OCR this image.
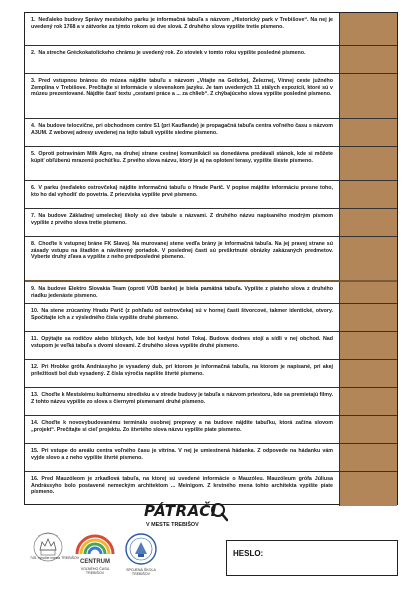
1. Neďaleko budovy Správy mestského parku je informačná tabuľa s názvom „Historický park v Trebišove“. Na nej je uvedený rok 1768 a v zátvorke za týmto rokom sú dve slová. Z druhého slova vypíšte tretie písmeno.
2. Na streche Gréckokatolíckeho chrámu je uvedený rok. Zo stoviek v tomto roku vypíšte posledné písmeno.
3. Pred vstupnou bránou do múzea nájdite tabuľu s názvom „Vitajte na Gotickej, Železnej, Vínnej ceste južného Zemplína v Trebišove. Prečítajte si informácie v slovenskom jazyku. Je tam uvedených 11 stálych expozícií, ktoré sú v múzeu prezentované. Nájdite časť textu „cestami práce a ... za chlieb“. Z chýbajúceho slova vypíšte posledné písmeno.
4. Na budove telocvične, pri obchodnom centre S1 (pri Kauflande) je propagačná tabuľa centra voľného času s názvom A3UM. Z webovej adresy uvedenej na tejto tabuli vypíšte siedme písmeno.
5. Oproti potravinám Milk Agro, na druhej strane cestnej komunikácii sa donedávna predávali stánok, kde si môžete kúpiť obľúbenú mrazenú pochúťku. Z prvého slova názvu, ktorý je aj na oplotení terasy, vypíšte šieste písmeno.
6. V parku (neďaleko ostrovčeka) nájdite informačnú tabuľu o Hrade Parič. V popise májdite informáciu presne toho, kto ho dal vyhodiť do povetria. Z priezviska vypíšte prvé písmeno.
7. Na budove Základnej umeleckej školy sú dve tabule s názvami. Z druhého názvu napísaného modrým písmom vypíšte z prvého slova tretie písmeno.
8. Choďte k vstupnej bráne FK Slavoj. Na murovanej stene vedľa brány je informačná tabuľa. Na jej pravej strane sú zásady vstupu na štadión a návštevný poriadok. V poslednej časti sú preškrtnuté obrázky zakázaných predmetov. Vyberte druhý zľava a vypíšte z neho predposledné písmeno.
9. Na budove Elektro Slovakia Team (oproti VÚB banke) je biela pamätná tabuľa. Vypíšte z piateho slova z druhého riadku jedenáste písmeno.
10. Na stene zrúcaniny Hradu Parič (z pohľadu od ostrovčeka) sú v hornej časti štvorcové, takmer identické, otvory. Spočítajte ich a z výsledného čísla vypíšte druhé písmeno.
11. Opýtajte sa rodičov alebo blízkych, kde bol kedysi hotel Tokaj. Budova dodnes stojí a sídli v nej obchod. Nad vstupom je veľká tabuľa s dvomi slovami. Z druhého slova vypíšte druhé písmeno.
12. Pri Hrobke grófa Andrássyho je vysadený dub, pri ktorom je informačná tabuľa, na ktorom je napísané, pri akej príležitosti bol dub vysadený. Z čísla výročia napíšte štvrté písmeno.
13. Choďte k Mestskému kultúrnemu stredisku a v strede budovy je tabuľa s názvom priestoru, kde sa premietajú filmy. Z tohto názvu vypíšte zo slova s čiernymi písmenami druhé písmeno.
14. Choďte k novovybudovanému terminálu osobnej prepravy a na budove nájdite tabuľku, ktorá začína slovom „projekt“. Prečítajte si cieľ projektu. Zo štvrtého slova názvu vypíšte piate písmeno.
15. Pri vstupe do areálu centra voľného času je vitrína. V nej je umiestnená hádanka. Z odpovede na hádanku vám vyjde slovo a z neho vypíšte štvrté písmeno.
16. Pred Mauzóleom je zrkadlová tabuľa, na ktorej sú uvedené informácie o Mauzóleu. Mauzóleum grófa Júliusa Andrássyho bolo postavené nemeckým architektom ... Meinigom. Z krstného mena tohto architekta vypíšte piate písmeno.
745. výročie mesta TREBIŠOV
CENTRUM
VOĽNÉHO ČASU
TREBIŠOV
SPOJENÁ ŠKOLA TREBIŠOV
PÁTRAČI
V MESTE TREBIŠOV
HESLO:
